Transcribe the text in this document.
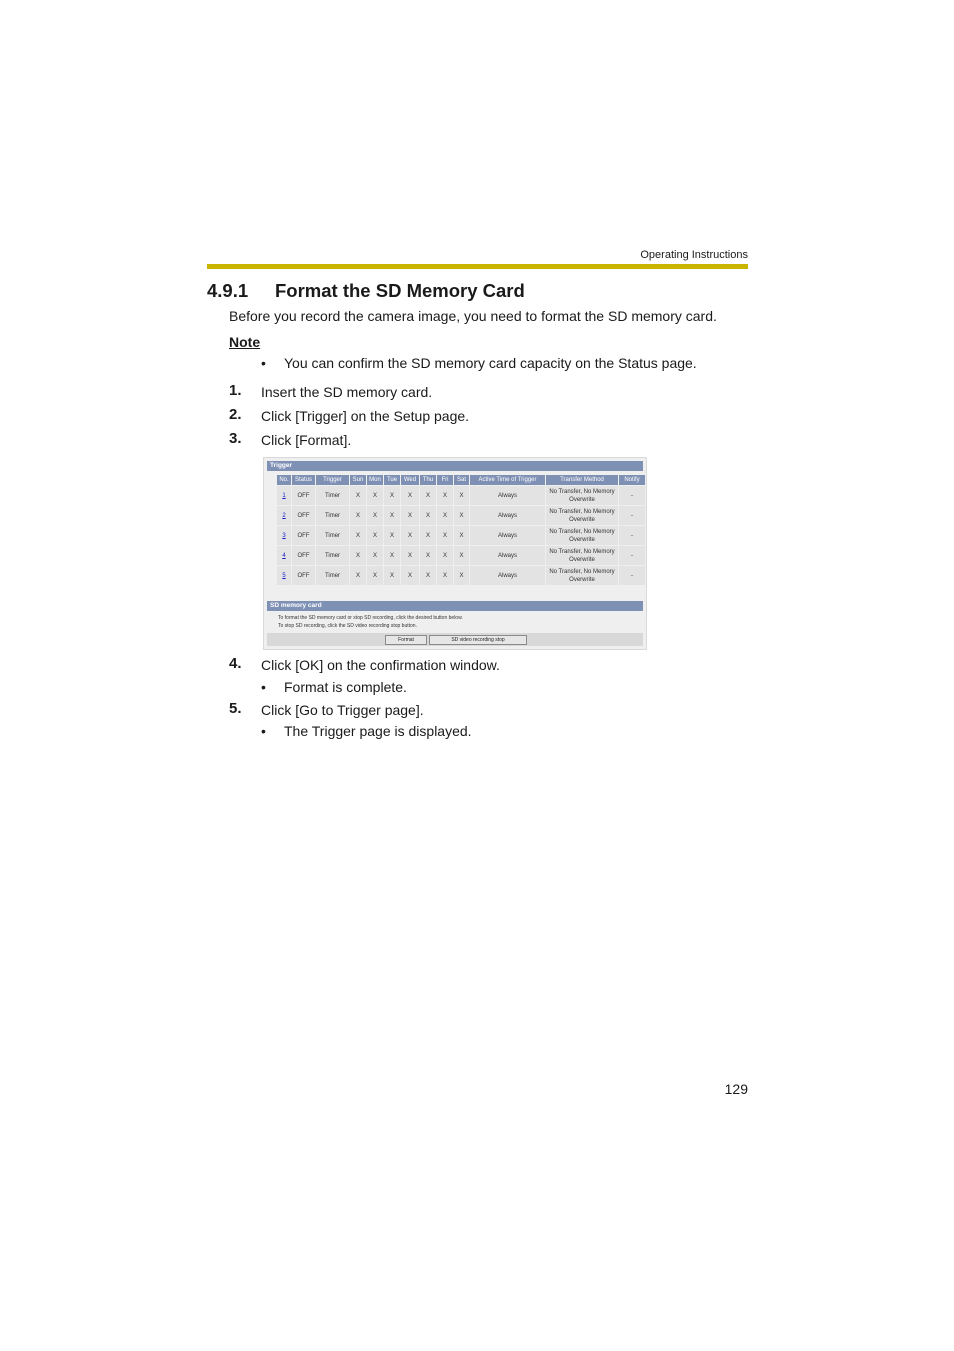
Operating Instructions
4.9.1 Format the SD Memory Card
Before you record the camera image, you need to format the SD memory card.
Note
• You can confirm the SD memory card capacity on the Status page.
1. Insert the SD memory card.
2. Click [Trigger] on the Setup page.
3. Click [Format].
Trigger
No.	Status	Trigger	Sun	Mon	Tue	Wed	Thu	Fri	Sat	Active Time of Trigger	Transfer Method	Notify
1	OFF	Timer	X	X	X	X	X	X	X	Always	No Transfer, No Memory Overwrite	-
2	OFF	Timer	X	X	X	X	X	X	X	Always	No Transfer, No Memory Overwrite	-
3	OFF	Timer	X	X	X	X	X	X	X	Always	No Transfer, No Memory Overwrite	-
4	OFF	Timer	X	X	X	X	X	X	X	Always	No Transfer, No Memory Overwrite	-
5	OFF	Timer	X	X	X	X	X	X	X	Always	No Transfer, No Memory Overwrite	-
SD memory card
To format the SD memory card or stop SD recording, click the desired button below.
To stop SD recording, click the SD video recording stop button.
Format	SD video recording stop
4. Click [OK] on the confirmation window.
• Format is complete.
5. Click [Go to Trigger page].
• The Trigger page is displayed.
129
